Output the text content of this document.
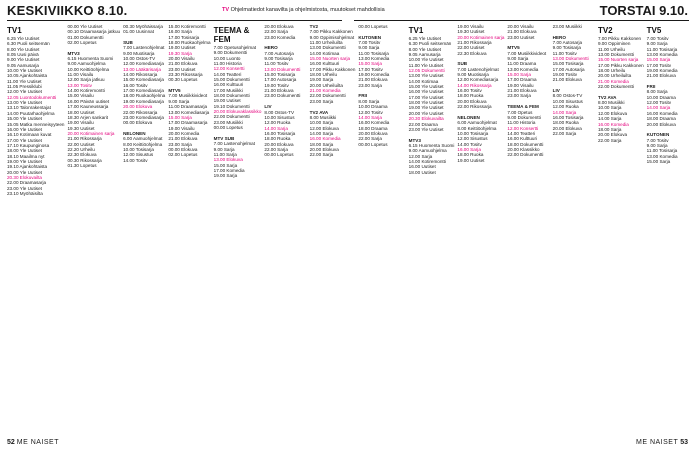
KESKIVIIKKO 8.10.	TV Ohjelmatiedot kanavilta ja ohjelmistosta, muutokset mahdollisia	TORSTAI 9.10.
TV1
6.25 Yle Uutiset
6.30 Puoli seitsemän
8.00 Yle Uutiset
8.05 Uusi päivä
9.00 Yle Uutiset
9.05 Aamusarja
10.00 Yle Uutiset
10.05 Ajankohtaista
11.00 Yle Uutiset
11.05 Pressiklubi
12.00 Yle Uutiset
12.05 Luontodokumentti
13.00 Yle Uutiset
13.10 Talonrakentajat
14.00 Puutarhaohjelma
15.00 Yle Uutiset
15.05 Matka menneisyyteen
16.00 Yle Uutiset
16.10 Kotimaan kuvat
17.00 Yle Uutiset
17.10 Kaupunginosa
18.00 Yle Uutiset
18.10 Maailma nyt
19.00 Yle Uutiset
19.10 Ajankohtaista
20.00 Yle Uutiset
20.30 Elokuvailta
22.00 Draamasarja
23.00 Yle Uutiset
23.10 Myöhäisilta
00.00 Yle Uutiset
00.10 Draamasarja jatkuu
01.00 Dokumentti
02.00 Lopetus

MTV3
6.15 Huomenta Suomi
9.00 Aamuohjelma
10.00 Keittiöohjelma
11.00 Visailu
12.00 Sarja jatkuu
13.00 Tositv
14.00 Kotiremontti
15.00 Visailu
16.00 Päivän uutiset
17.00 Kauneussarja
18.00 Uutiset
18.30 Arjen sankarit
19.00 Visailu
19.30 Uutiset
20.00 Kotimainen sarja
21.00 Rikossarja
22.00 Uutiset
22.20 Urheilu
22.30 Elokuva
00.30 Rikossarja
01.30 Lopetus
00.30 Myöhäissarja
01.00 Uusinnat

SUB
7.00 Lastenohjelmat
9.00 Muotisarja
10.00 Ostos-TV
12.00 Komediasarja
13.00 Lääkärisarja
14.00 Rikossarja
15.00 Komediasarja
16.00 Tositv
17.00 Komediasarja
18.00 Ruokaohjelma
19.00 Komediasarja
20.00 Elokuva
22.00 Rikossarja
23.00 Komediasarja
00.00 Elokuva

NELONEN
6.00 Aamuohjelmat
8.00 Keittiöohjelma
10.00 Tosisarja
12.00 Sisustus
14.00 Tositv
15.00 Kotiremontti
16.00 Sarja
17.00 Tosisarja
18.00 Ruokaohjelma
19.00 Uutiset
19.30 Sarja
20.00 Visailu
21.00 Elokuva
23.00 Uutiset
23.30 Rikossarja
00.30 Lopetus

MTV5
7.00 Musiikkivideot
9.00 Sarja
11.00 Draamasarja
13.00 Komediasarja
15.00 Sarja
17.00 Draamasarja
19.00 Visailu
20.00 Komedia
21.00 Elokuva
23.00 Sarja
00.00 Elokuva
02.00 Lopetus
TEEMA & FEM
7.00 Opetusohjelmat
9.00 Dokumentti
10.00 Luonto
11.00 Historia
12.00 Konsertti
14.00 Teatteri
15.00 Dokumentti
16.00 Kulttuuri
17.00 Musiikki
18.00 Dokumentti
19.00 Uutiset
19.10 Dokumentti
20.00 Elokuvaklassikko
22.00 Dokumentti
23.00 Musiikki
00.00 Lopetus

MTV SUB
7.00 Lastenohjelmat
9.00 Sarja
11.00 Sarja
13.00 Elokuva
15.00 Sarja
17.00 Komedia
19.00 Sarja
20.00 Elokuva
22.00 Sarja
23.00 Komedia

HERO
7.00 Autosarja
9.00 Tosisarja
11.00 Tositv
13.00 Dokumentti
15.00 Tosisarja
17.00 Autosarja
19.00 Tositv
21.00 Elokuva
23.00 Dokumentti

LIV
8.00 Ostos-TV
10.00 Sisustus
12.00 Ruoka
14.00 Sarja
16.00 Tosisarja
18.00 Ruoka
20.00 Elokuva
22.00 Sarja
00.00 Lopetus
TV2
7.00 Pikku Kakkonen
9.00 Oppimisohjelmat
11.00 Urheiluilta
13.00 Dokumentti
14.00 Kotimaa
15.00 Nuorten sarja
16.00 Kulttuuri
17.00 Pikku Kakkonen
18.00 Urheilu
19.00 Sarja
20.00 Urheiluilta
21.00 Komedia
22.00 Dokumentti
23.00 Sarja

TV2 AVA
8.00 Musiikki
10.00 Sarja
12.00 Elokuva
14.00 Sarja
16.00 Komedia
18.00 Sarja
20.00 Elokuva
22.00 Sarja
00.00 Lopetus

KUTONEN
7.00 Tositv
9.00 Sarja
11.00 Tosisarja
13.00 Komedia
15.00 Sarja
17.00 Tositv
19.00 Komedia
21.00 Elokuva
23.00 Sarja

FRII
8.00 Sarja
10.00 Draama
12.00 Tositv
14.00 Sarja
16.00 Komedia
18.00 Draama
20.00 Elokuva
22.00 Sarja
00.00 Lopetus
TV1
6.25 Yle Uutiset
6.30 Puoli seitsemän
8.00 Yle Uutiset
9.05 Aamusarja
10.00 Yle Uutiset
11.00 Yle Uutiset
12.05 Dokumentti
13.00 Yle Uutiset
14.00 Kotimaa
15.00 Yle Uutiset
16.00 Yle Uutiset
17.00 Yle Uutiset
18.00 Yle Uutiset
19.00 Yle Uutiset
20.00 Yle Uutiset
20.30 Elokuvailta
22.00 Draama
23.00 Yle Uutiset

MTV3
6.15 Huomenta Suomi
9.00 Aamuohjelma
12.00 Sarja
14.00 Kotiremontti
16.00 Uutiset
18.00 Uutiset
19.00 Visailu
19.30 Uutiset
20.00 Kotimainen sarja
21.00 Rikossarja
22.00 Uutiset
22.30 Elokuva

SUB
7.00 Lastenohjelmat
9.00 Muotisarja
12.00 Komediasarja
14.00 Rikossarja
16.00 Tositv
18.00 Ruoka
20.00 Elokuva
22.00 Rikossarja

NELONEN
6.00 Aamuohjelmat
8.00 Keittiöohjelma
10.00 Tosisarja
12.00 Sisustus
14.00 Tositv
16.00 Sarja
18.00 Ruoka
19.00 Uutiset
20.00 Visailu
21.00 Elokuva
23.00 Uutiset

MTV5
7.00 Musiikkivideot
9.00 Sarja
11.00 Draama
13.00 Komedia
15.00 Sarja
17.00 Draama
19.00 Visailu
21.00 Elokuva
23.00 Sarja

TEEMA & FEM
7.00 Opetus
9.00 Dokumentti
11.00 Historia
12.00 Konsertti
14.00 Teatteri
16.00 Kulttuuri
18.00 Dokumentti
20.00 Klassikko
22.00 Dokumentti
23.00 Musiikki

HERO
7.00 Autosarja
9.00 Tosisarja
11.00 Tositv
13.00 Dokumentti
15.00 Tosisarja
17.00 Autosarja
19.00 Tositv
21.00 Elokuva

LIV
8.00 Ostos-TV
10.00 Sisustus
12.00 Ruoka
14.00 Sarja
16.00 Tosisarja
18.00 Ruoka
20.00 Elokuva
22.00 Sarja
TV2
7.00 Pikku Kakkonen
9.00 Oppiminen
11.00 Urheilu
13.00 Dokumentti
15.00 Nuorten sarja
17.00 Pikku Kakkonen
18.00 Urheilu
20.00 Urheiluilta
21.00 Komedia
22.00 Dokumentti

TV2 AVA
8.00 Musiikki
10.00 Sarja
12.00 Elokuva
14.00 Sarja
16.00 Komedia
18.00 Sarja
20.00 Elokuva
22.00 Sarja
TV5
7.00 Tositv
9.00 Sarja
11.00 Tosisarja
13.00 Komedia
15.00 Sarja
17.00 Tositv
19.00 Komedia
21.00 Elokuva

FRII
8.00 Sarja
10.00 Draama
12.00 Tositv
14.00 Sarja
16.00 Komedia
18.00 Draama
20.00 Elokuva

KUTONEN
7.00 Tositv
9.00 Sarja
11.00 Tosisarja
13.00 Komedia
15.00 Sarja
52 ME NAISET	ME NAISET 53
